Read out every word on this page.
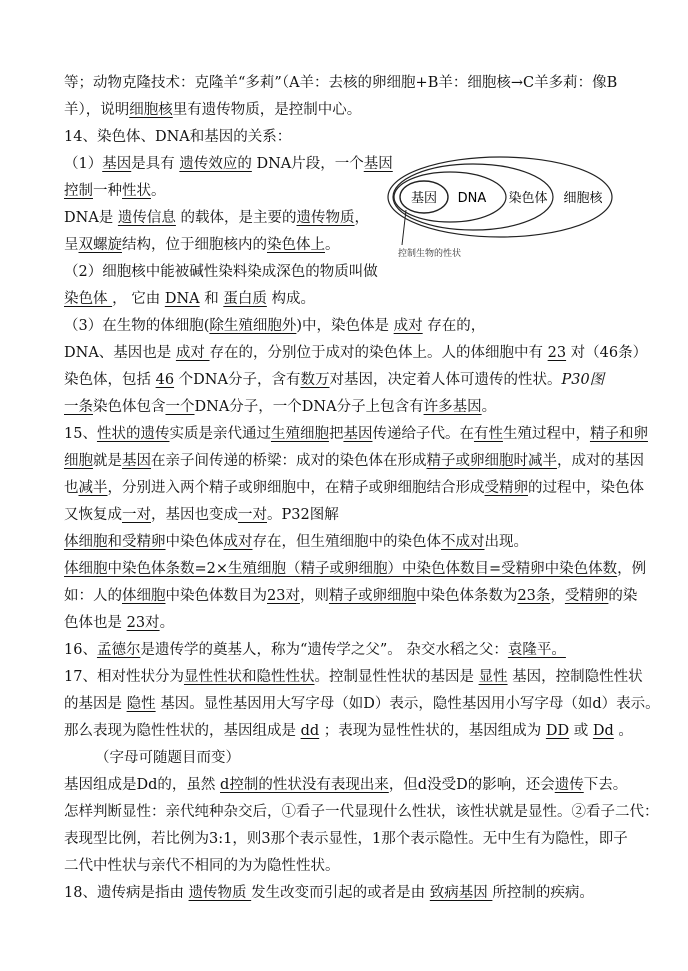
等；动物克隆技术：克隆羊“多莉”（A羊：去核的卵细胞+B羊：细胞核→C羊多莉：像B
羊），说明细胞核里有遗传物质，是控制中心。
14、染色体、DNA和基因的关系：
（1）基因是具有 遗传效应的 DNA片段，一个基因
控制一种性状。
DNA是 遗传信息 的载体，是主要的遗传物质，
呈双螺旋结构，位于细胞核内的染色体上。
（2）细胞核中能被碱性染料染成深色的物质叫做
染色体 ， 它由 DNA 和 蛋白质 构成。
（3）在生物的体细胞(除生殖细胞外)中，染色体是 成对 存在的，
DNA、基因也是 成对 存在的，分别位于成对的染色体上。人的体细胞中有 23 对（46条）
染色体，包括 46 个DNA分子，含有数万对基因，决定着人体可遗传的性状。P30图
一条染色体包含一个DNA分子，一个DNA分子上包含有许多基因。
15、性状的遗传实质是亲代通过生殖细胞把基因传递给子代。在有性生殖过程中，精子和卵
细胞就是基因在亲子间传递的桥梁：成对的染色体在形成精子或卵细胞时减半，成对的基因
也减半，分别进入两个精子或卵细胞中，在精子或卵细胞结合形成受精卵的过程中，染色体
又恢复成一对，基因也变成一对。P32图解
体细胞和受精卵中染色体成对存在，但生殖细胞中的染色体不成对出现。
体细胞中染色体条数=2×生殖细胞（精子或卵细胞）中染色体数目=受精卵中染色体数，例
如：人的体细胞中染色体数目为23对，则精子或卵细胞中染色体条数为23条，受精卵的染
色体也是 23对。
16、孟德尔是遗传学的奠基人，称为“遗传学之父”。 杂交水稻之父：袁隆平。
17、相对性状分为显性性状和隐性性状。控制显性性状的基因是 显性 基因，控制隐性性状
的基因是 隐性 基因。显性基因用大写字母（如D）表示，隐性基因用小写字母（如d）表示。
那么表现为隐性性状的，基因组成是 dd ；表现为显性性状的，基因组成为 DD 或 Dd 。
（字母可随题目而变）
基因组成是Dd的，虽然 d控制的性状没有表现出来，但d没受D的影响，还会遗传下去。
怎样判断显性：亲代纯种杂交后，①看子一代显现什么性状，该性状就是显性。②看子二代：
表现型比例，若比例为3:1，则3那个表示显性，1那个表示隐性。无中生有为隐性，即子
二代中性状与亲代不相同的为为隐性性状。
18、遗传病是指由 遗传物质 发生改变而引起的或者是由 致病基因 所控制的疾病。
基因 DNA 染色体 细胞核
控制生物的性状
